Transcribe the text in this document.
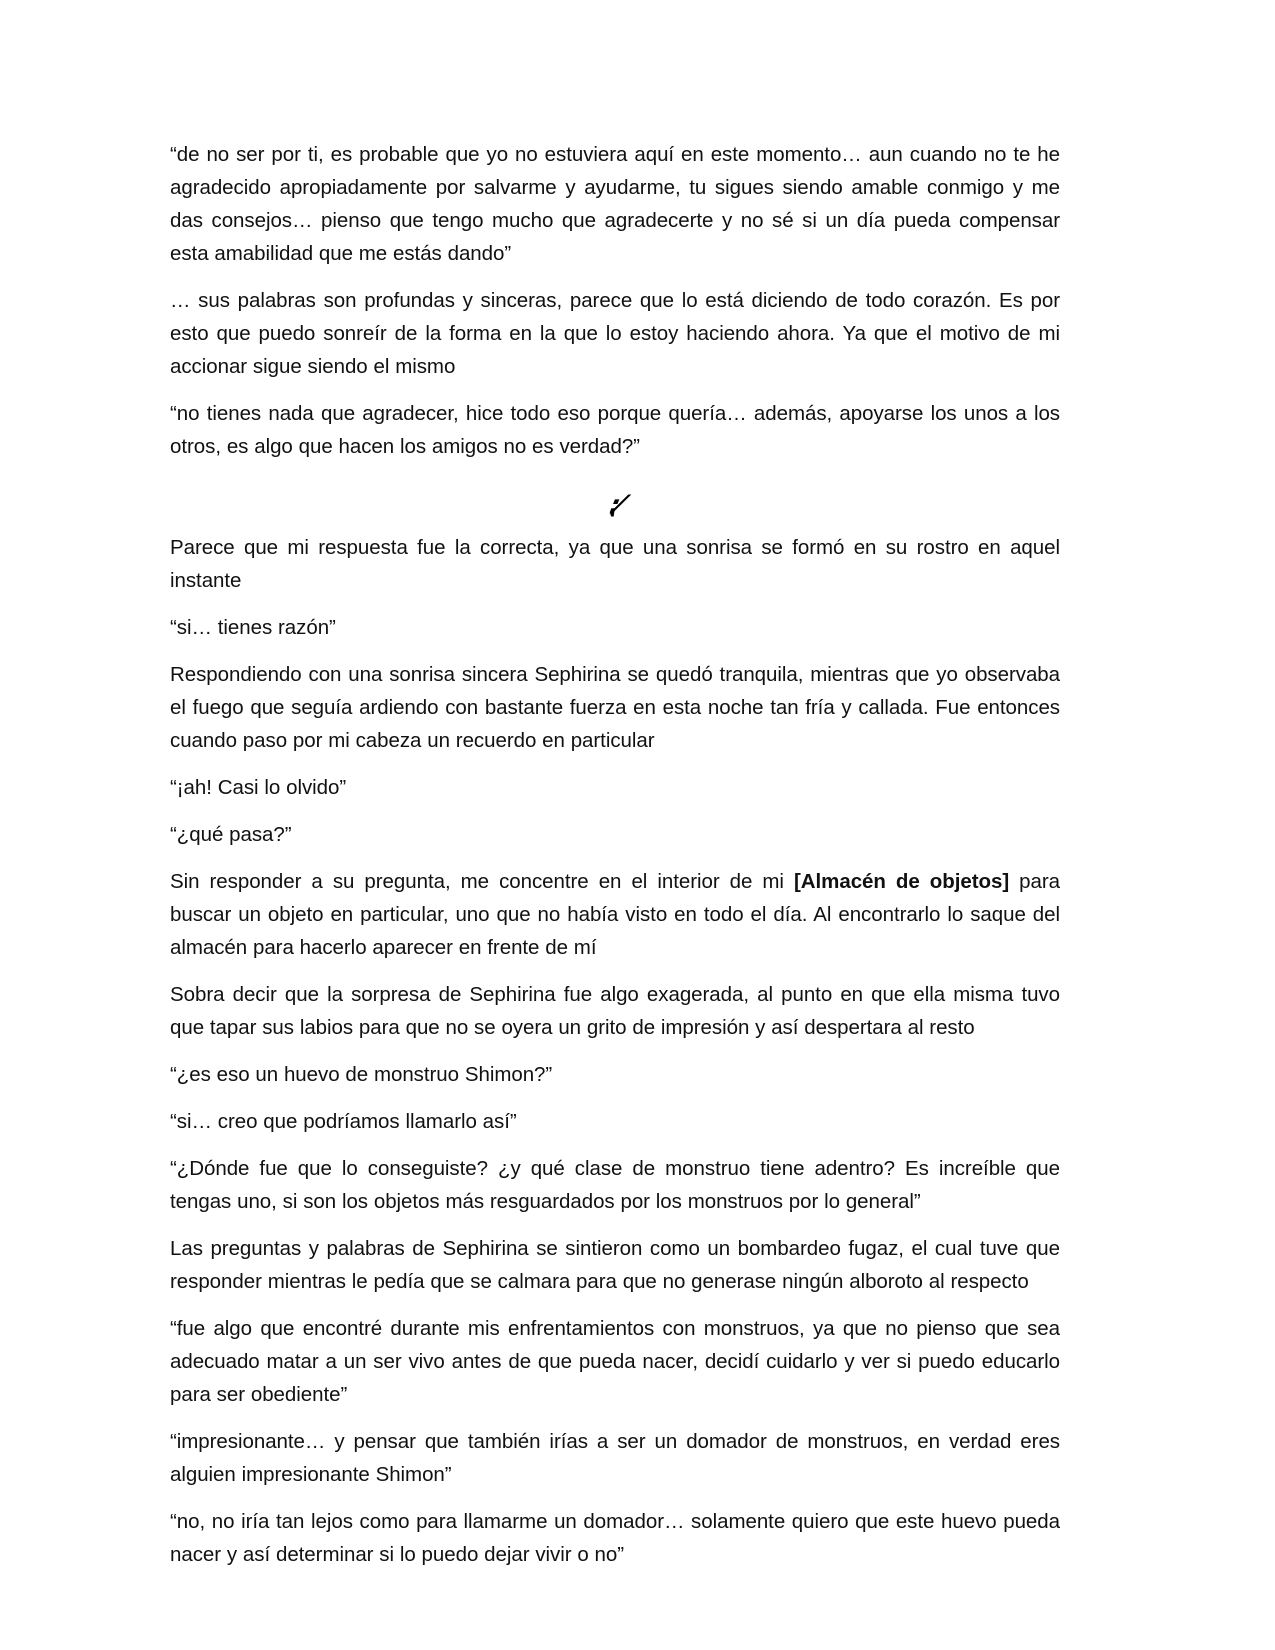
“de no ser por ti, es probable que yo no estuviera aquí en este momento… aun cuando no te he agradecido apropiadamente por salvarme y ayudarme, tu sigues siendo amable conmigo y me das consejos… pienso que tengo mucho que agradecerte y no sé si un día pueda compensar esta amabilidad que me estás dando”

… sus palabras son profundas y sinceras, parece que lo está diciendo de todo corazón. Es por esto que puedo sonreír de la forma en la que lo estoy haciendo ahora. Ya que el motivo de mi accionar sigue siendo el mismo

“no tienes nada que agradecer, hice todo eso porque quería… además, apoyarse los unos a los otros, es algo que hacen los amigos no es verdad?”

⁏⁄

Parece que mi respuesta fue la correcta, ya que una sonrisa se formó en su rostro en aquel instante

“si… tienes razón”

Respondiendo con una sonrisa sincera Sephirina se quedó tranquila, mientras que yo observaba el fuego que seguía ardiendo con bastante fuerza en esta noche tan fría y callada. Fue entonces cuando paso por mi cabeza un recuerdo en particular

“¡ah! Casi lo olvido”

“¿qué pasa?”

Sin responder a su pregunta, me concentre en el interior de mi [Almacén de objetos] para buscar un objeto en particular, uno que no había visto en todo el día. Al encontrarlo lo saque del almacén para hacerlo aparecer en frente de mí

Sobra decir que la sorpresa de Sephirina fue algo exagerada, al punto en que ella misma tuvo que tapar sus labios para que no se oyera un grito de impresión y así despertara al resto

“¿es eso un huevo de monstruo Shimon?”

“si… creo que podríamos llamarlo así”

“¿Dónde fue que lo conseguiste? ¿y qué clase de monstruo tiene adentro? Es increíble que tengas uno, si son los objetos más resguardados por los monstruos por lo general”

Las preguntas y palabras de Sephirina se sintieron como un bombardeo fugaz, el cual tuve que responder mientras le pedía que se calmara para que no generase ningún alboroto al respecto

“fue algo que encontré durante mis enfrentamientos con monstruos, ya que no pienso que sea adecuado matar a un ser vivo antes de que pueda nacer, decidí cuidarlo y ver si puedo educarlo para ser obediente”

“impresionante… y pensar que también irías a ser un domador de monstruos, en verdad eres alguien impresionante Shimon”

“no, no iría tan lejos como para llamarme un domador… solamente quiero que este huevo pueda nacer y así determinar si lo puedo dejar vivir o no”
